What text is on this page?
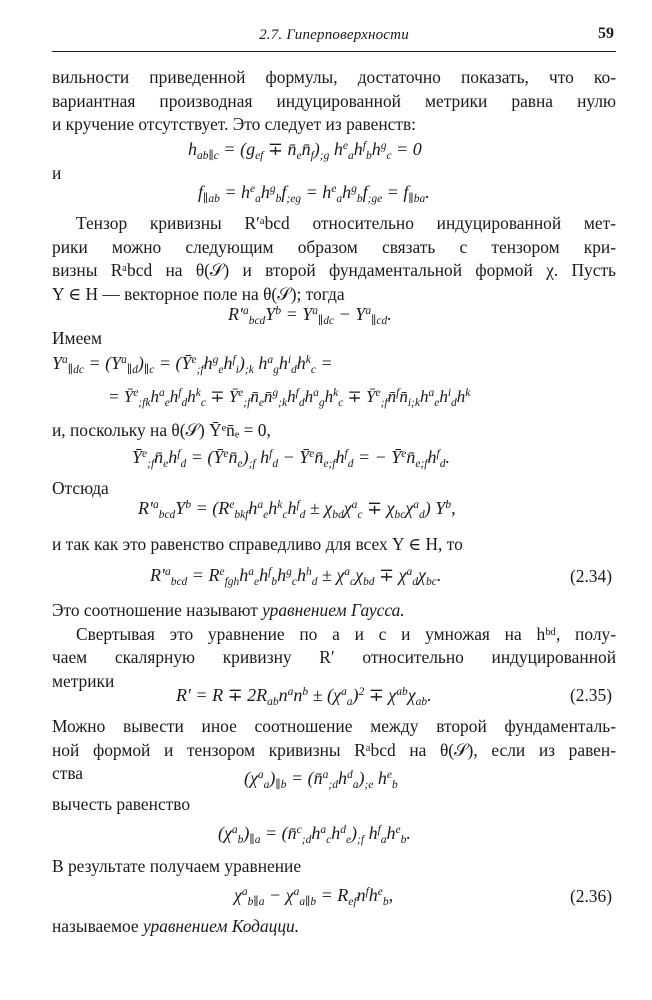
2.7. Гиперповерхности	59
вильности приведенной формулы, достаточно показать, что ко-
вариантная производная индуцированной метрики равна нулю
и кручение отсутствует. Это следует из равенств:
$h_{ab\parallel c} = (g_{ef}$ ∓ $n̄_en̄_f)_{;g}$ $h^e_ah^f_bh^g_c = 0$
и
$f_{\parallel ab} = h^e_ah^g_bf_{;eg} = h^e_ah^g_bf_{;ge} = f_{\parallel ba}$.
Тензор кривизны R′ᵃbcd относительно индуцированной мет-
рики можно следующим образом связать с тензором кри-
визны Rᵃbcd на θ(𝒮) и второй фундаментальной формой χ. Пусть
Y ∈ H — векторное поле на θ(𝒮); тогда
$R'^a_{bcd}Y^b = Y^a_{\parallel dc} - Y^a_{\parallel cd}$.
Имеем
$Y^a_{\parallel dc} = (Y^a_{\parallel d})_{\parallel c}$ = $(Ȳ^e_{;f}h^g_eh^f_i)_{;k}$ $h^a_gh^i_dh^k_c$ =
= $Ȳ^e_{;fk}h^a_eh^f_dh^k_c$ ∓ $Ȳ^e_{;f}n̄_en̄^g_{;k}h^f_dh^a_gh^k_c$ ∓ $Ȳ^e_{;f}n̄^fn̄_{i;k}h^a_eh^i_dh^k$
и, поскольку на θ(𝒮) Ȳᵉn̄ₑ = 0,
$Ȳ^e_{;f}n̄_eh^f_d$ = $(Ȳ^en̄_e)_{;f}$ $h^f_d$ − $Ȳ^en̄_{e;f}h^f_d$ = − $Ȳ^en̄_{e;f}h^f_d$.
Отсюда
$R'^a_{bcd}Y^b = (R^e_{bkf}h^a_eh^k_ch^f_d \pm \chi_{bd}\chi^a_c \mp \chi_{bc}\chi^a_d)$ $Y^b$,
и так как это равенство справедливо для всех Y ∈ H, то
$R'^a_{bcd} = R^e_{fgh}h^a_eh^f_bh^g_ch^h_d \pm \chi^a_c\chi_{bd} \mp \chi^a_d\chi_{bc}$.	(2.34)
Это соотношение называют уравнением Гаусса.
Свертывая это уравнение по a и c и умножая на hᵇᵈ, полу-
чаем скалярную кривизну R′ относительно индуцированной
метрики
$R' = R \mp 2R_{ab}n^an^b \pm (\chi^a_a)^2 \mp \chi^{ab}\chi_{ab}$.	(2.35)
Можно вывести иное соотношение между второй фундаменталь-
ной формой и тензором кривизны Rᵃbcd на θ(𝒮), если из равен-
ства	$(\chi^a_a)_{\parallel b}$ = $(n̄^a_{;d}h^d_a)_{;e}$ $h^e_b$
вычесть равенство
$(\chi^a_b)_{\parallel a}$ = $(n̄^c_{;d}h^a_ch^d_e)_{;f}$ $h^f_ah^e_b$.
В результате получаем уравнение
$\chi^a_{b\parallel a} - \chi^a_{a\parallel b} = R_{ef}n^fh^e_b$,	(2.36)
называемое уравнением Кодацци.
